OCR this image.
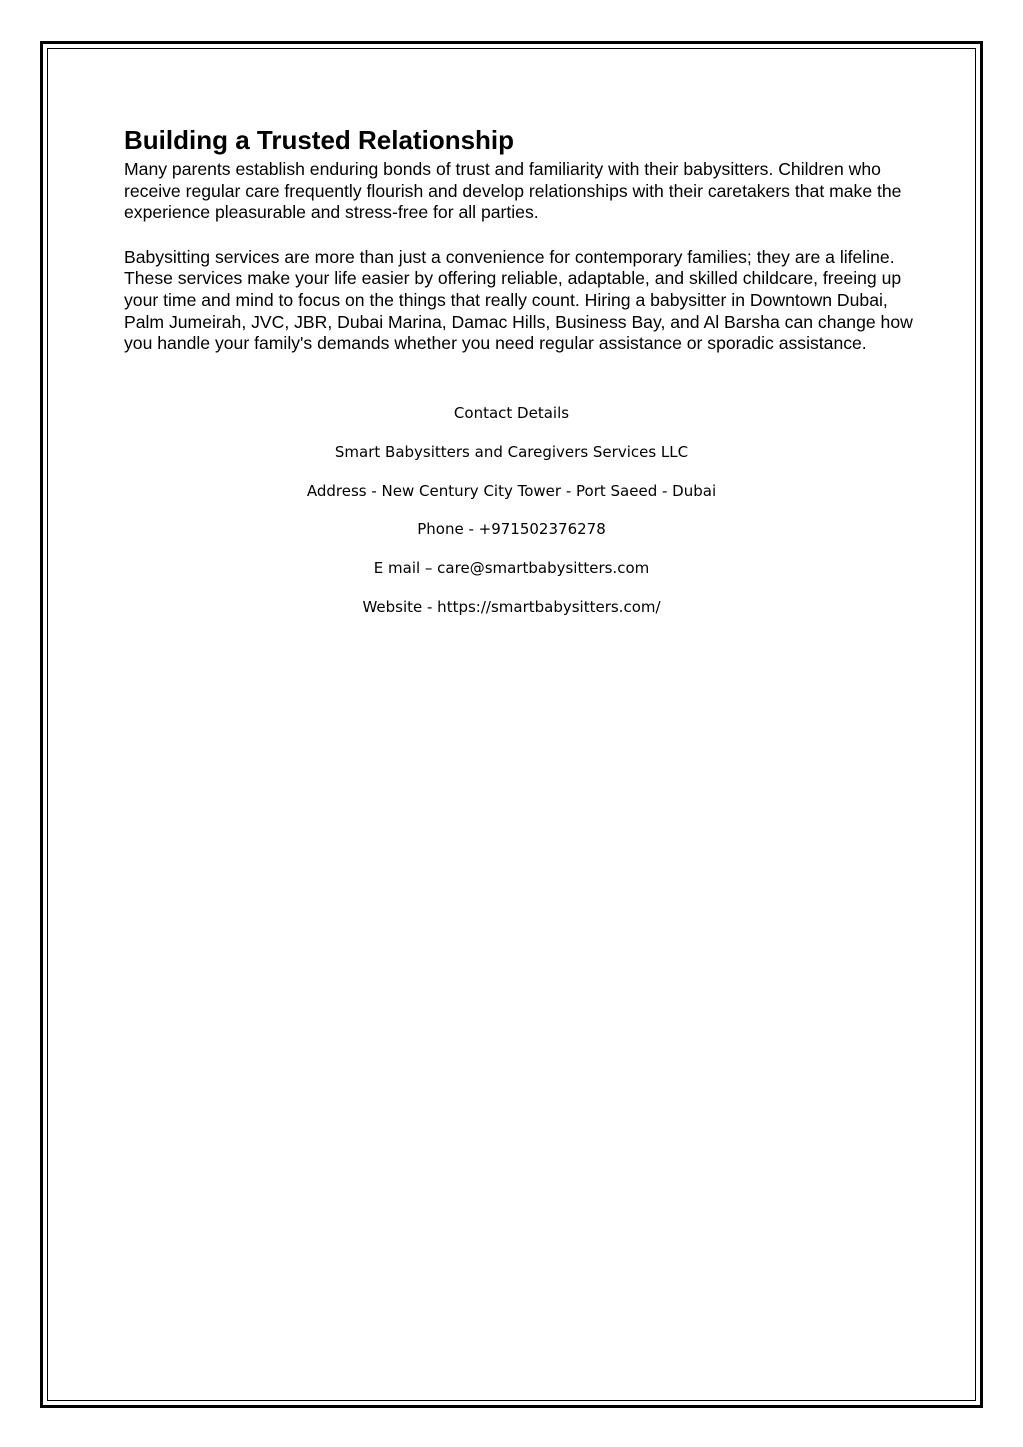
Building a Trusted Relationship

Many parents establish enduring bonds of trust and familiarity with their babysitters. Children who receive regular care frequently flourish and develop relationships with their caretakers that make the experience pleasurable and stress-free for all parties.

Babysitting services are more than just a convenience for contemporary families; they are a lifeline. These services make your life easier by offering reliable, adaptable, and skilled childcare, freeing up your time and mind to focus on the things that really count. Hiring a babysitter in Downtown Dubai, Palm Jumeirah, JVC, JBR, Dubai Marina, Damac Hills, Business Bay, and Al Barsha can change how you handle your family's demands whether you need regular assistance or sporadic assistance.

Contact Details
Smart Babysitters and Caregivers Services LLC
Address - New Century City Tower - Port Saeed - Dubai
Phone - +971502376278
E mail – care@smartbabysitters.com
Website - https://smartbabysitters.com/
